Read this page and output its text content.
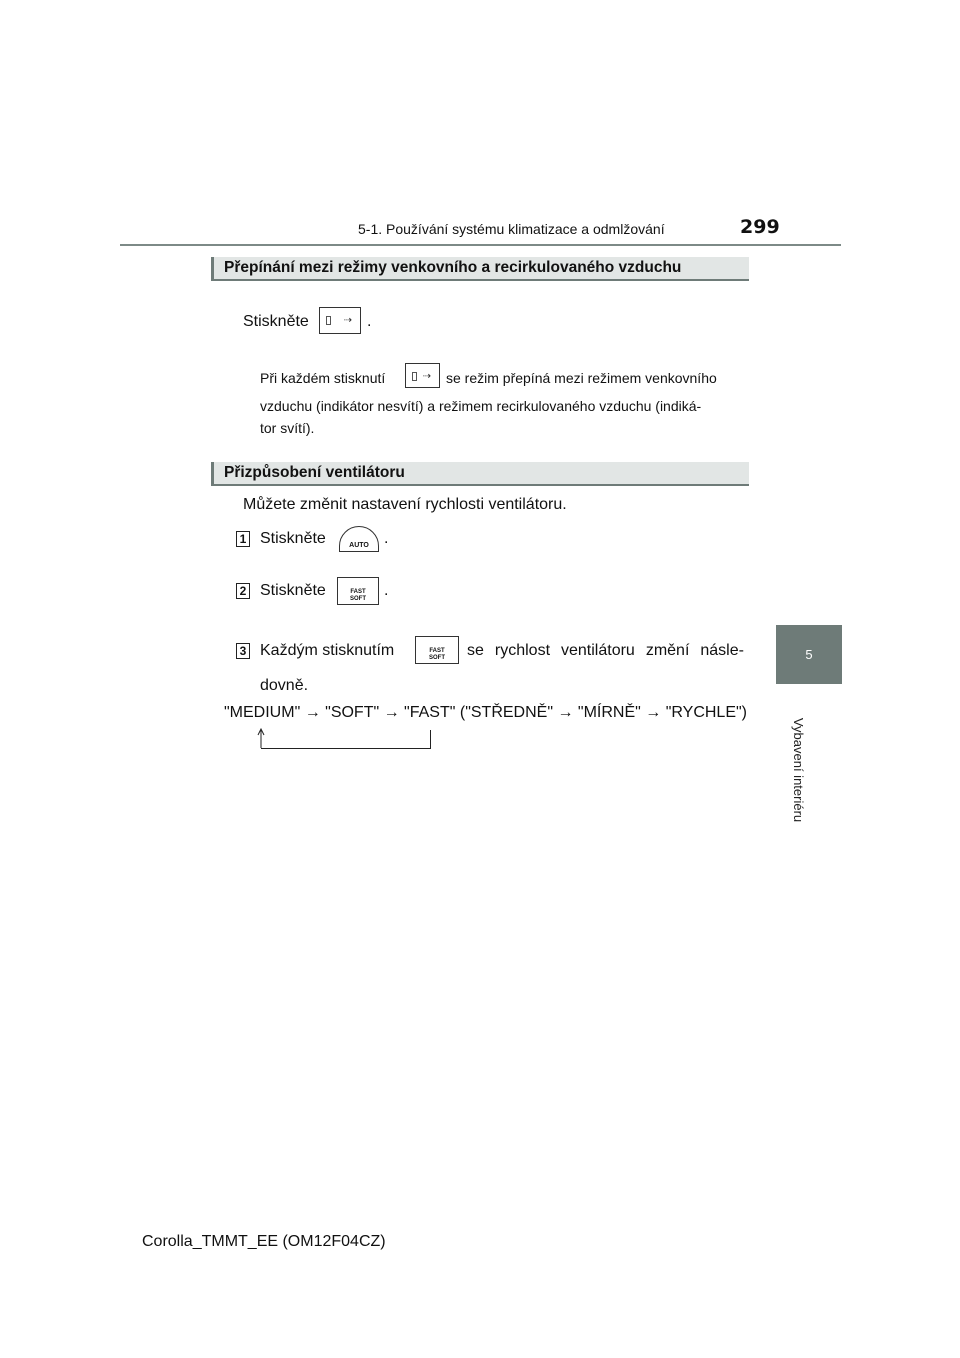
5-1. Používání systému klimatizace a odmlžování	299
5
Vybavení interiéru
Přepínání mezi režimy venkovního a recirkulovaného vzduchu
Stiskněte	⇢ .
Při každém stisknutí	⇢ se režim přepíná mezi režimem venkovního
vzduchu (indikátor nesvítí) a režimem recirkulovaného vzduchu (indiká-
tor svítí).
Přizpůsobení ventilátoru
Můžete změnit nastavení rychlosti ventilátoru.
1 Stiskněte	AUTO .
2 Stiskněte	FAST
SOFT	.
3 Každým stisknutím	FAST
SOFT	se rychlost ventilátoru změní násle-
dovně.
"MEDIUM" → "SOFT" → "FAST" ("STŘEDNĚ" → "MÍRNĚ" → "RYCHLE")
Corolla_TMMT_EE (OM12F04CZ)
